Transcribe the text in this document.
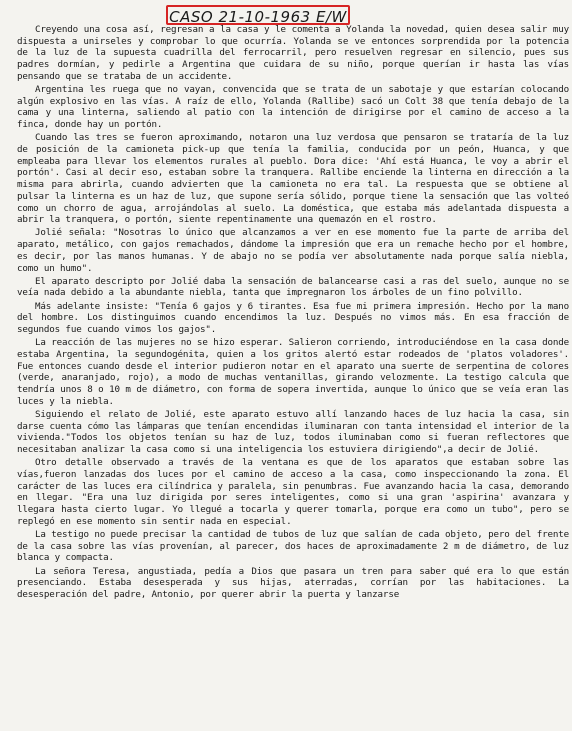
CASO 21-10-1963 E/W

Creyendo una cosa así, regresan a la casa y le comenta a Yolanda la novedad, quien desea salir muy dispuesta a unirseles y comprobar lo que ocurría. Yolanda se ve entonces sorprendida por la potencia de la luz de la supuesta cuadrilla del ferrocarril, pero resuelven regresar en silencio, pues sus padres dormían, y pedirle a Argentina que cuidara de su niño, porque querían ir hasta las vías pensando que se trataba de un accidente.

Argentina les ruega que no vayan, convencida que se trata de un sabotaje y que estarían colocando algún explosivo en las vías. A raíz de ello, Yolanda (Rallibe) sacó un Colt 38 que tenía debajo de la cama y una linterna, saliendo al patio con la intención de dirigirse por el camino de acceso a la finca, donde hay un portón.

Cuando las tres se fueron aproximando, notaron una luz verdosa que pensaron se trataría de la luz de posición de la camioneta pick-up que tenía la familia, conducida por un peón, Huanca, y que empleaba para llevar los elementos rurales al pueblo. Dora dice: 'Ahí está Huanca, le voy a abrir el portón'. Casi al decir eso, estaban sobre la tranquera. Rallibe enciende la linterna en dirección a la misma para abrirla, cuando advierten que la camioneta no era tal. La respuesta que se obtiene al pulsar la linterna es un haz de luz, que supone sería sólido, porque tiene la sensación que las volteó como un chorro de agua, arrojándolas al suelo. La doméstica, que estaba más adelantada dispuesta a abrir la tranquera, o portón, siente repentinamente una quemazón en el rostro.

Jolié señala: "Nosotras lo único que alcanzamos a ver en ese momento fue la parte de arriba del aparato, metálico, con gajos remachados, dándome la impresión que era un remache hecho por el hombre, es decir, por las manos humanas. Y de abajo no se podía ver absolutamente nada porque salía niebla, como un humo".

El aparato descripto por Jolié daba la sensación de balancearse casi a ras del suelo, aunque no se veía nada debido a la abundante niebla, tanta que impregnaron los árboles de un fino polvillo.

Más adelante insiste: "Tenía 6 gajos y 6 tirantes. Esa fue mi primera impresión. Hecho por la mano del hombre. Los distinguimos cuando encendimos la luz. Después no vimos más. En esa fracción de segundos fue cuando vimos los gajos".

La reacción de las mujeres no se hizo esperar. Salieron corriendo, introduciéndose en la casa donde estaba Argentina, la segundogénita, quien a los gritos alertó estar rodeados de 'platos voladores'. Fue entonces cuando desde el interior pudieron notar en el aparato una suerte de serpentina de colores (verde, anaranjado, rojo), a modo de muchas ventanillas, girando velozmente. La testigo calcula que tendría unos 8 o 10 m de diámetro, con forma de sopera invertida, aunque lo único que se veía eran las luces y la niebla.

Siguiendo el relato de Jolié, este aparato estuvo allí lanzando haces de luz hacia la casa, sin darse cuenta cómo las lámparas que tenían encendidas iluminaran con tanta intensidad el interior de la vivienda."Todos los objetos tenían su haz de luz, todos iluminaban como si fueran reflectores que necesitaban analizar la casa como si una inteligencia los estuviera dirigiendo",a decir de Jolié.

Otro detalle observado a través de la ventana es que de los aparatos que estaban sobre las vías,fueron lanzadas dos luces por el camino de acceso a la casa, como inspeccionando la zona. El carácter de las luces era cilíndrica y paralela, sin penumbras. Fue avanzando hacia la casa, demorando en llegar. "Era una luz dirigida por seres inteligentes, como si una gran 'aspirina' avanzara y llegara hasta cierto lugar. Yo llegué a tocarla y querer tomarla, porque era como un tubo", pero se replegó en ese momento sin sentir nada en especial.

La testigo no puede precisar la cantidad de tubos de luz que salían de cada objeto, pero del frente de la casa sobre las vías provenían, al parecer, dos haces de aproximadamente 2 m de diámetro, de luz blanca y compacta.

La señora Teresa, angustiada, pedía a Dios que pasara un tren para saber qué era lo que están presenciando. Estaba desesperada y sus hijas, aterradas, corrían por las habitaciones. La desesperación del padre, Antonio, por querer abrir la puerta y lanzarse
